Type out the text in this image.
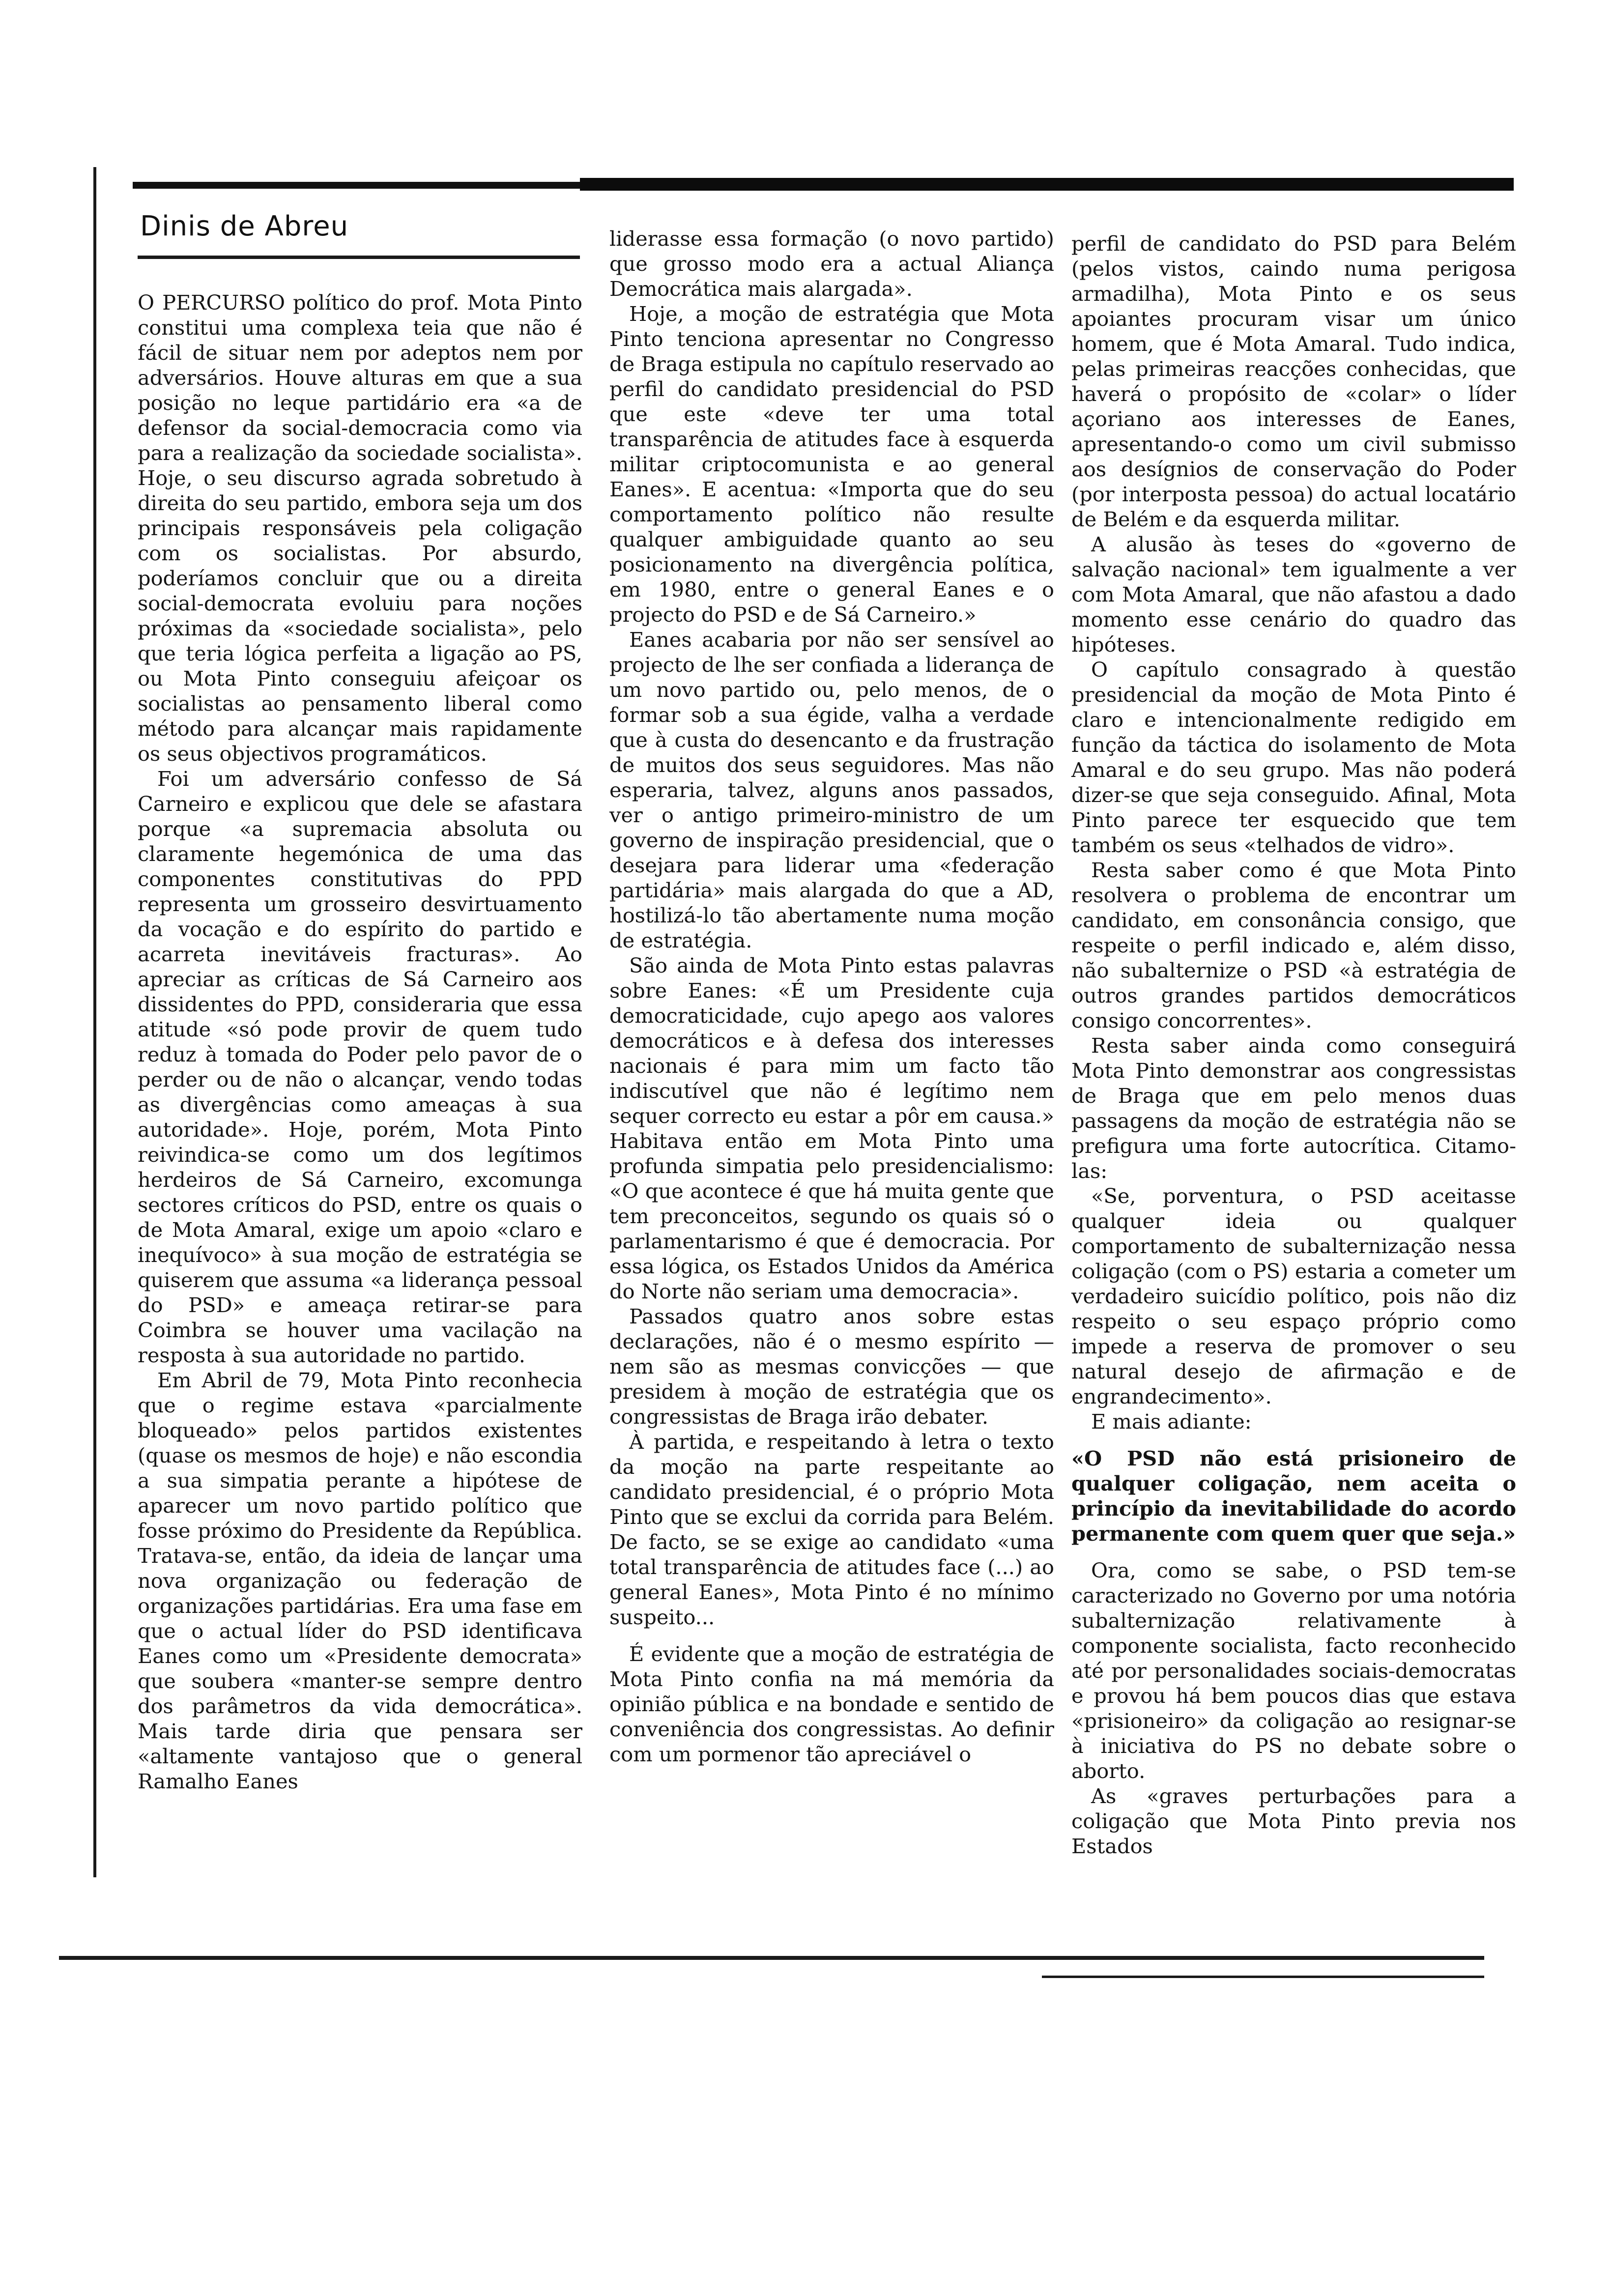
Dinis de Abreu

O PERCURSO político do prof. Mota Pinto constitui uma complexa teia que não é fácil de situar nem por adeptos nem por adversários. Houve alturas em que a sua posição no leque partidário era «a de defensor da social-democracia como via para a realização da sociedade socialista». Hoje, o seu discurso agrada sobretudo à direita do seu partido, embora seja um dos principais responsáveis pela coligação com os socialistas. Por absurdo, poderíamos concluir que ou a direita social-democrata evoluiu para noções próximas da «sociedade socialista», pelo que teria lógica perfeita a ligação ao PS, ou Mota Pinto conseguiu afeiçoar os socialistas ao pensamento liberal como método para alcançar mais rapidamente os seus objectivos programáticos.

Foi um adversário confesso de Sá Carneiro e explicou que dele se afastara porque «a supremacia absoluta ou claramente hegemónica de uma das componentes constitutivas do PPD representa um grosseiro desvirtuamento da vocação e do espírito do partido e acarreta inevitáveis fracturas». Ao apreciar as críticas de Sá Carneiro aos dissidentes do PPD, consideraria que essa atitude «só pode provir de quem tudo reduz à tomada do Poder pelo pavor de o perder ou de não o alcançar, vendo todas as divergências como ameaças à sua autoridade». Hoje, porém, Mota Pinto reivindica-se como um dos legítimos herdeiros de Sá Carneiro, excomunga sectores críticos do PSD, entre os quais o de Mota Amaral, exige um apoio «claro e inequívoco» à sua moção de estratégia se quiserem que assuma «a liderança pessoal do PSD» e ameaça retirar-se para Coimbra se houver uma vacilação na resposta à sua autoridade no partido.

Em Abril de 79, Mota Pinto reconhecia que o regime estava «parcialmente bloqueado» pelos partidos existentes (quase os mesmos de hoje) e não escondia a sua simpatia perante a hipótese de aparecer um novo partido político que fosse próximo do Presidente da República. Tratava-se, então, da ideia de lançar uma nova organização ou federação de organizações partidárias. Era uma fase em que o actual líder do PSD identificava Eanes como um «Presidente democrata» que soubera «manter-se sempre dentro dos parâmetros da vida democrática». Mais tarde diria que pensara ser «altamente vantajoso que o general Ramalho Eanes

liderasse essa formação (o novo partido) que grosso modo era a actual Aliança Democrática mais alargada».

Hoje, a moção de estratégia que Mota Pinto tenciona apresentar no Congresso de Braga estipula no capítulo reservado ao perfil do candidato presidencial do PSD que este «deve ter uma total transparência de atitudes face à esquerda militar criptocomunista e ao general Eanes». E acentua: «Importa que do seu comportamento político não resulte qualquer ambiguidade quanto ao seu posicionamento na divergência política, em 1980, entre o general Eanes e o projecto do PSD e de Sá Carneiro.»

Eanes acabaria por não ser sensível ao projecto de lhe ser confiada a liderança de um novo partido ou, pelo menos, de o formar sob a sua égide, valha a verdade que à custa do desencanto e da frustração de muitos dos seus seguidores. Mas não esperaria, talvez, alguns anos passados, ver o antigo primeiro-ministro de um governo de inspiração presidencial, que o desejara para liderar uma «federação partidária» mais alargada do que a AD, hostilizá-lo tão abertamente numa moção de estratégia.

São ainda de Mota Pinto estas palavras sobre Eanes: «É um Presidente cuja democraticidade, cujo apego aos valores democráticos e à defesa dos interesses nacionais é para mim um facto tão indiscutível que não é legítimo nem sequer correcto eu estar a pôr em causa.» Habitava então em Mota Pinto uma profunda simpatia pelo presidencialismo: «O que acontece é que há muita gente que tem preconceitos, segundo os quais só o parlamentarismo é que é democracia. Por essa lógica, os Estados Unidos da América do Norte não seriam uma democracia».

Passados quatro anos sobre estas declarações, não é o mesmo espírito — nem são as mesmas convicções — que presidem à moção de estratégia que os congressistas de Braga irão debater.

À partida, e respeitando à letra o texto da moção na parte respeitante ao candidato presidencial, é o próprio Mota Pinto que se exclui da corrida para Belém. De facto, se se exige ao candidato «uma total transparência de atitudes face (...) ao general Eanes», Mota Pinto é no mínimo suspeito...

É evidente que a moção de estratégia de Mota Pinto confia na má memória da opinião pública e na bondade e sentido de conveniência dos congressistas. Ao definir com um pormenor tão apreciável o

perfil de candidato do PSD para Belém (pelos vistos, caindo numa perigosa armadilha), Mota Pinto e os seus apoiantes procuram visar um único homem, que é Mota Amaral. Tudo indica, pelas primeiras reacções conhecidas, que haverá o propósito de «colar» o líder açoriano aos interesses de Eanes, apresentando-o como um civil submisso aos desígnios de conservação do Poder (por interposta pessoa) do actual locatário de Belém e da esquerda militar.

A alusão às teses do «governo de salvação nacional» tem igualmente a ver com Mota Amaral, que não afastou a dado momento esse cenário do quadro das hipóteses.

O capítulo consagrado à questão presidencial da moção de Mota Pinto é claro e intencionalmente redigido em função da táctica do isolamento de Mota Amaral e do seu grupo. Mas não poderá dizer-se que seja conseguido. Afinal, Mota Pinto parece ter esquecido que tem também os seus «telhados de vidro».

Resta saber como é que Mota Pinto resolvera o problema de encontrar um candidato, em consonância consigo, que respeite o perfil indicado e, além disso, não subalternize o PSD «à estratégia de outros grandes partidos democráticos consigo concorrentes».

Resta saber ainda como conseguirá Mota Pinto demonstrar aos congressistas de Braga que em pelo menos duas passagens da moção de estratégia não se prefigura uma forte autocrítica. Citamo-las:

«Se, porventura, o PSD aceitasse qualquer ideia ou qualquer comportamento de subalternização nessa coligação (com o PS) estaria a cometer um verdadeiro suicídio político, pois não diz respeito o seu espaço próprio como impede a reserva de promover o seu natural desejo de afirmação e de engrandecimento».

E mais adiante:

«O PSD não está prisioneiro de qualquer coligação, nem aceita o princípio da inevitabilidade do acordo permanente com quem quer que seja.»

Ora, como se sabe, o PSD tem-se caracterizado no Governo por uma notória subalternização relativamente à componente socialista, facto reconhecido até por personalidades sociais-democratas e provou há bem poucos dias que estava «prisioneiro» da coligação ao resignar-se à iniciativa do PS no debate sobre o aborto.

As «graves perturbações para a coligação que Mota Pinto previa nos Estados
